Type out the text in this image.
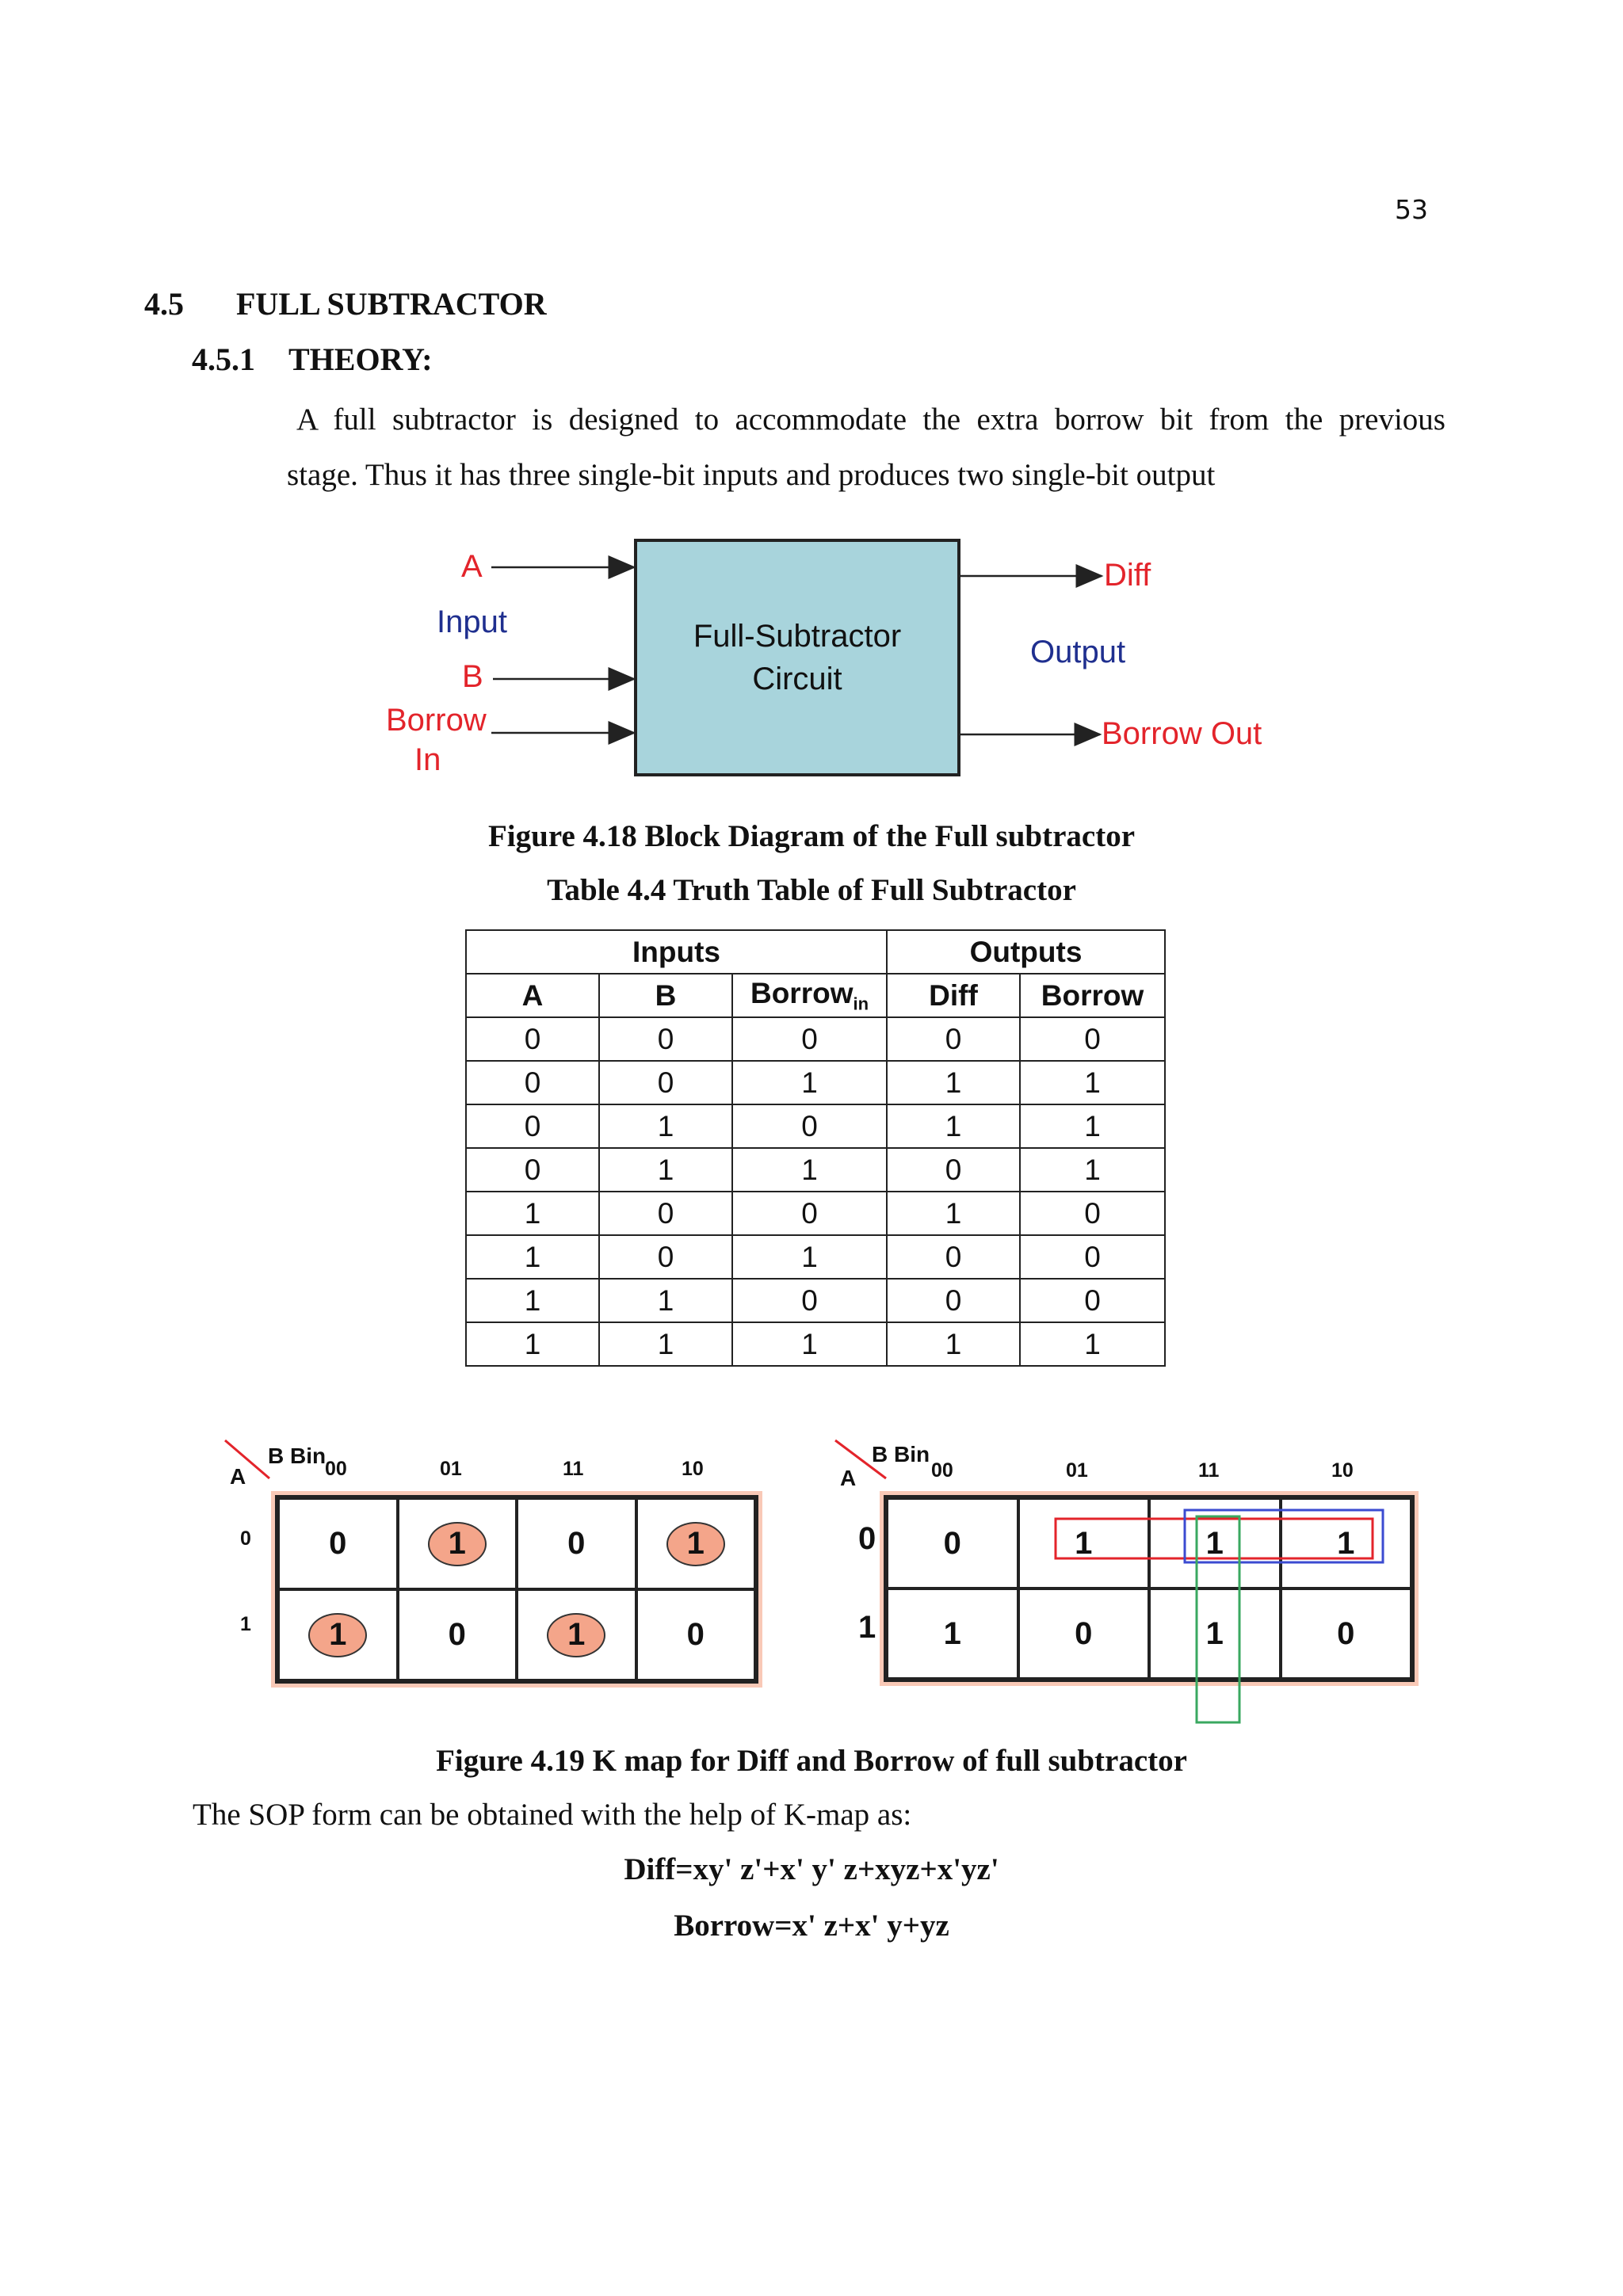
53
4.5 FULL SUBTRACTOR
4.5.1 THEORY:
A full subtractor is designed to accommodate the extra borrow bit from the previous
stage. Thus it has three single-bit inputs and produces two single-bit output
A
Input
B
Borrow
In
Full-Subtractor
Circuit
Diff
Output
Borrow Out
Figure 4.18 Block Diagram of the Full subtractor
Table 4.4 Truth Table of Full Subtractor
Inputs			Outputs	
A	B	Borrow$_{in}$	Diff	Borrow
0	0	0	0	0
0	0	1	1	1
0	1	0	1	1
0	1	1	0	1
1	0	0	1	0
1	0	1	0	0
1	1	0	0	0
1	1	1	1	1
A
B Bin
00	01	11	10
0
1
0	1	0	1
1	0	1	0
A
B Bin
00	01	11	10
0
1
0	1	1	1
1	0	1	0
Figure 4.19 K map for Diff and Borrow of full subtractor
The SOP form can be obtained with the help of K-map as:
Diff=xy' z'+x' y' z+xyz+x'yz'
Borrow=x' z+x' y+yz
